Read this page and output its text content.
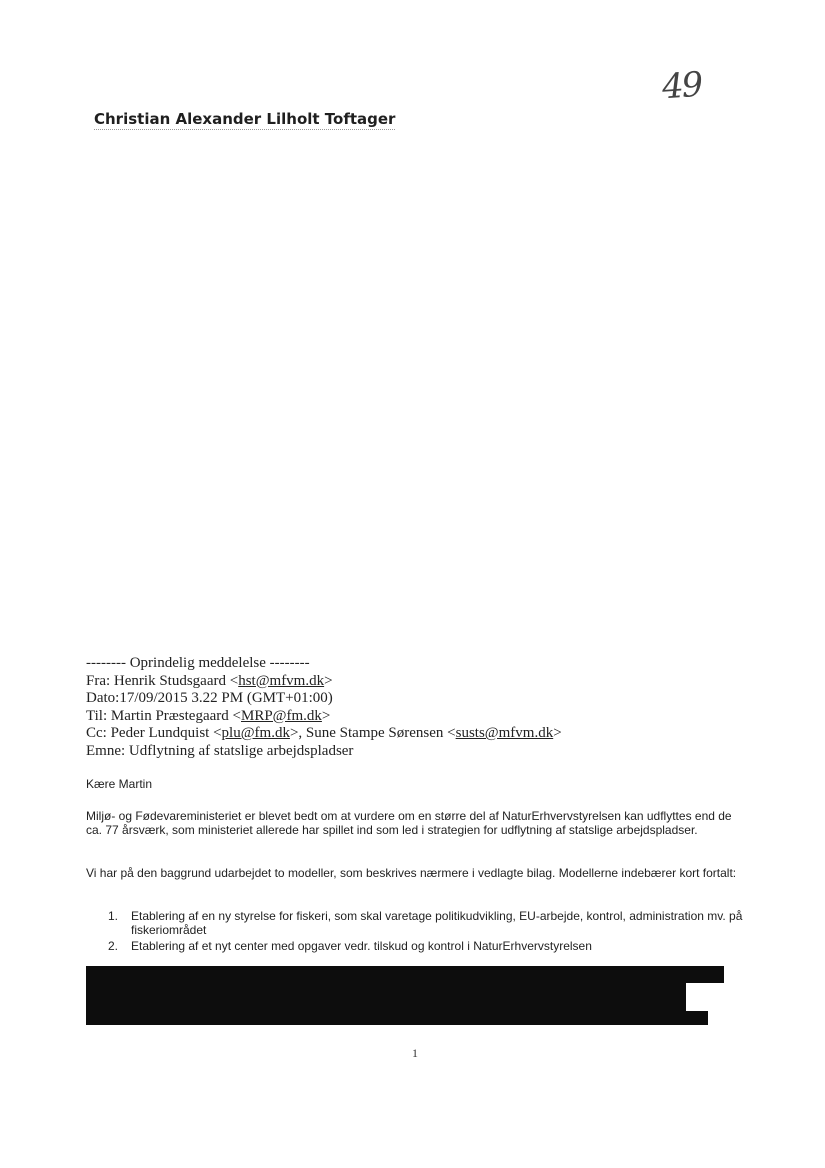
49
Christian Alexander Lilholt Toftager
-------- Oprindelig meddelelse --------
Fra: Henrik Studsgaard <hst@mfvm.dk>
Dato:17/09/2015 3.22 PM (GMT+01:00)
Til: Martin Præstegaard <MRP@fm.dk>
Cc: Peder Lundquist <plu@fm.dk>, Sune Stampe Sørensen <susts@mfvm.dk>
Emne: Udflytning af statslige arbejdspladser
Kære Martin
Miljø- og Fødevareministeriet er blevet bedt om at vurdere om en større del af NaturErhvervstyrelsen kan udflyttes end de ca. 77 årsværk, som ministeriet allerede har spillet ind som led i strategien for udflytning af statslige arbejdspladser.
Vi har på den baggrund udarbejdet to modeller, som beskrives nærmere i vedlagte bilag. Modellerne indebærer kort fortalt:
1.	Etablering af en ny styrelse for fiskeri, som skal varetage politikudvikling, EU-arbejde, kontrol, administration mv. på fiskeriområdet
2.	Etablering af et nyt center med opgaver vedr. tilskud og kontrol i NaturErhvervstyrelsen
1
